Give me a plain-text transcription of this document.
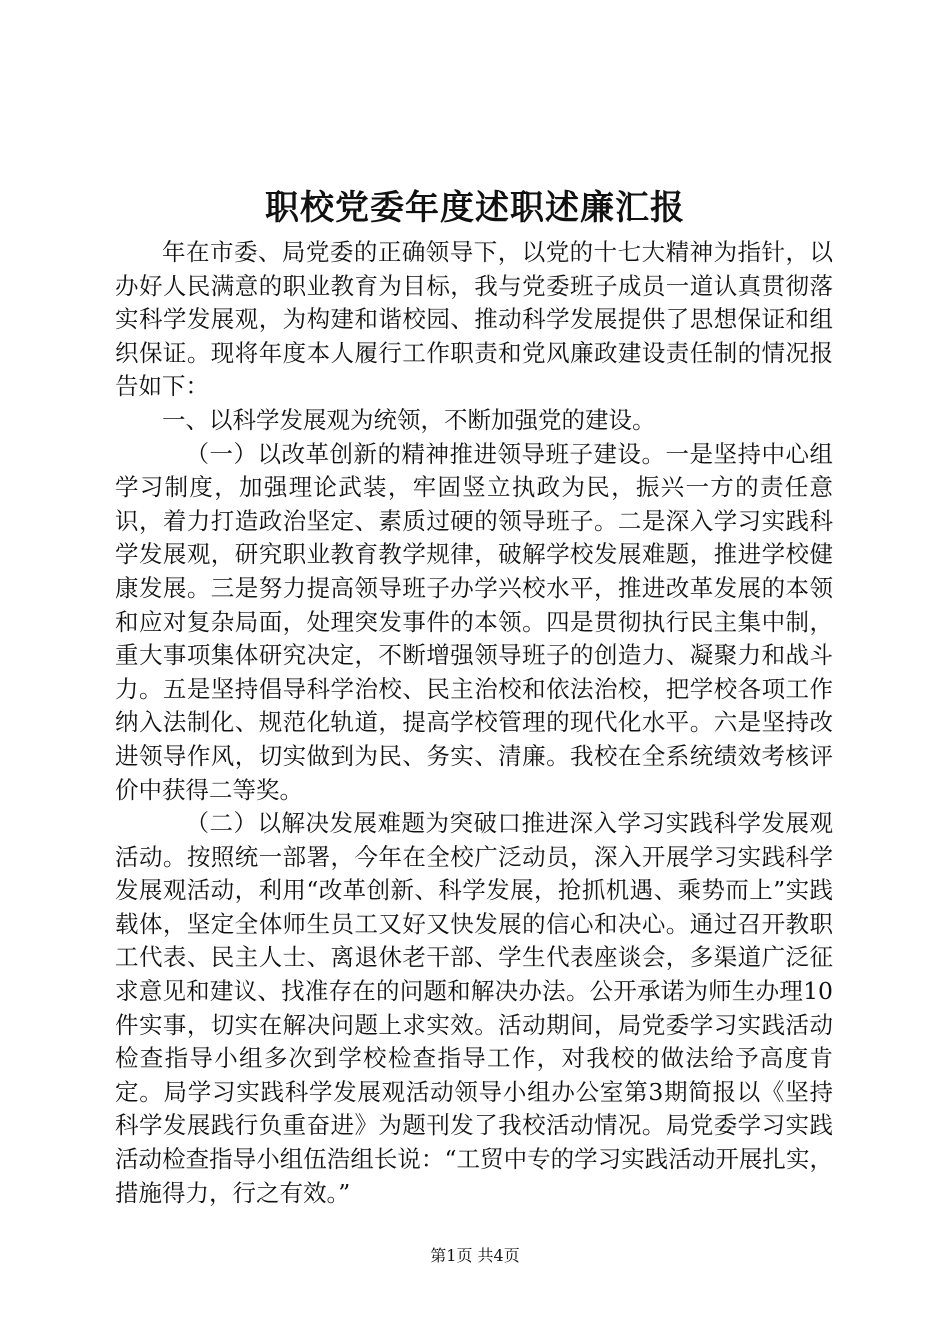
职校党委年度述职述廉汇报

年在市委、局党委的正确领导下，以党的十七大精神为指针，以办好人民满意的职业教育为目标，我与党委班子成员一道认真贯彻落实科学发展观，为构建和谐校园、推动科学发展提供了思想保证和组织保证。现将年度本人履行工作职责和党风廉政建设责任制的情况报告如下：

一、以科学发展观为统领，不断加强党的建设。

（一）以改革创新的精神推进领导班子建设。一是坚持中心组学习制度，加强理论武装，牢固竖立执政为民，振兴一方的责任意识，着力打造政治坚定、素质过硬的领导班子。二是深入学习实践科学发展观，研究职业教育教学规律，破解学校发展难题，推进学校健康发展。三是努力提高领导班子办学兴校水平，推进改革发展的本领和应对复杂局面，处理突发事件的本领。四是贯彻执行民主集中制，重大事项集体研究决定，不断增强领导班子的创造力、凝聚力和战斗力。五是坚持倡导科学治校、民主治校和依法治校，把学校各项工作纳入法制化、规范化轨道，提高学校管理的现代化水平。六是坚持改进领导作风，切实做到为民、务实、清廉。我校在全系统绩效考核评价中获得二等奖。

（二）以解决发展难题为突破口推进深入学习实践科学发展观活动。按照统一部署，今年在全校广泛动员，深入开展学习实践科学发展观活动，利用“改革创新、科学发展，抢抓机遇、乘势而上”实践载体，坚定全体师生员工又好又快发展的信心和决心。通过召开教职工代表、民主人士、离退休老干部、学生代表座谈会，多渠道广泛征求意见和建议、找准存在的问题和解决办法。公开承诺为师生办理10件实事，切实在解决问题上求实效。活动期间，局党委学习实践活动检查指导小组多次到学校检查指导工作，对我校的做法给予高度肯定。局学习实践科学发展观活动领导小组办公室第3期简报以《坚持科学发展践行负重奋进》为题刊发了我校活动情况。局党委学习实践活动检查指导小组伍浩组长说：“工贸中专的学习实践活动开展扎实，措施得力，行之有效。”

第1页 共4页
